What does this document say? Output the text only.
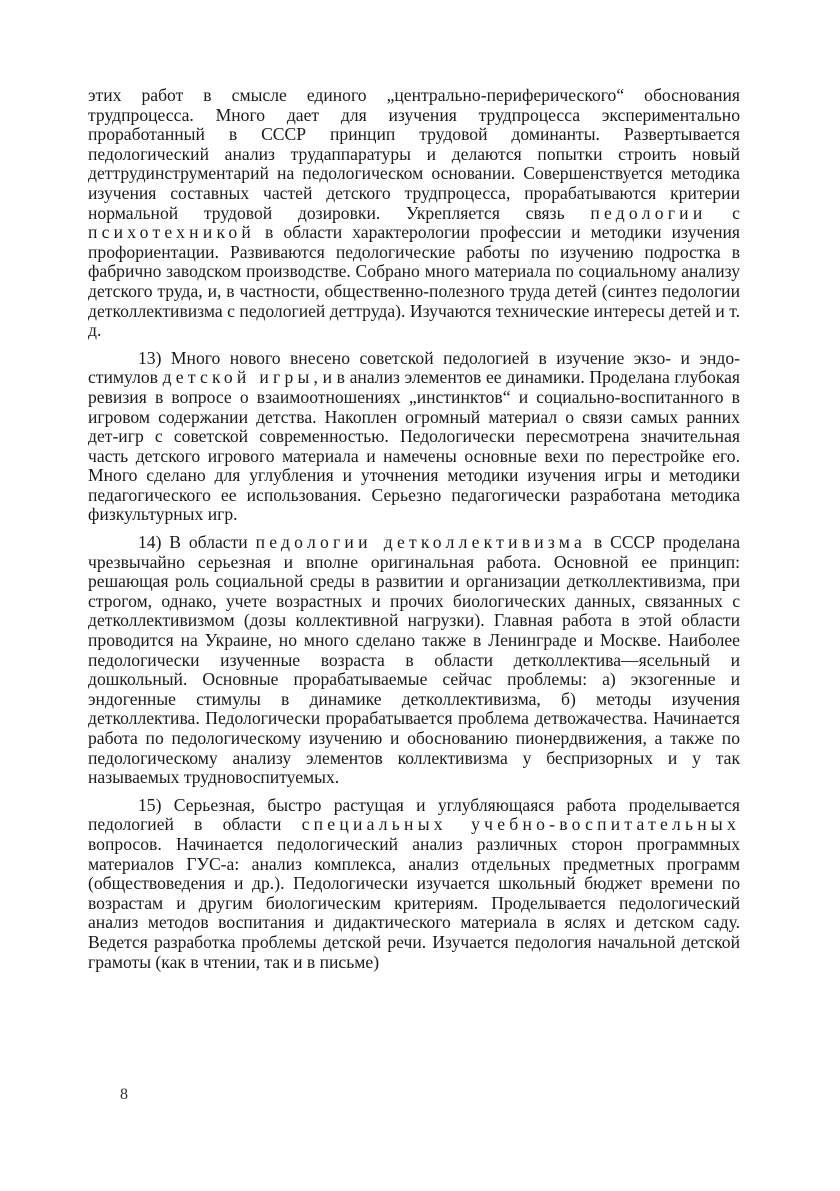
этих работ в смысле единого „центрально-периферического“ обоснования трудпроцесса. Много дает для изучения трудпроцесса экспериментально проработанный в СССР принцип трудовой доминанты. Развертывается педологический анализ трудаппаратуры и делаются попытки строить новый деттрудинструментарий на педологическом основании. Совершенствуется методика изучения составных частей детского трудпроцесса, прорабатываются критерии нормальной трудовой дозировки. Укрепляется связь педологии с психотехникой в области характерологии профессии и методики изучения профориентации. Развиваются педологические работы по изучению подростка в фабрично заводском производстве. Собрано много материала по социальному анализу детского труда, и, в частности, общественно-полезного труда детей (синтез педологии детколлективизма с педологией деттруда). Изучаются технические интересы детей и т. д.

13) Много нового внесено советской педологией в изучение экзо- и эндо-стимулов детской игры, и в анализ элементов ее динамики. Проделана глубокая ревизия в вопросе о взаимоотношениях „инстинктов“ и социально-воспитанного в игровом содержании детства. Накоплен огромный материал о связи самых ранних дет-игр с советской современностью. Педологически пересмотрена значительная часть детского игрового материала и намечены основные вехи по перестройке его. Много сделано для углубления и уточнения методики изучения игры и методики педагогического ее использования. Серьезно педагогически разработана методика физкультурных игр.

14) В области педологии детколлективизма в СССР проделана чрезвычайно серьезная и вполне оригинальная работа. Основной ее принцип: решающая роль социальной среды в развитии и организации детколлективизма, при строгом, однако, учете возрастных и прочих биологических данных, связанных с детколлективизмом (дозы коллективной нагрузки). Главная работа в этой области проводится на Украине, но много сделано также в Ленинграде и Москве. Наиболее педологически изученные возраста в области детколлектива—ясельный и дошкольный. Основные прорабатываемые сейчас проблемы: а) экзогенные и эндогенные стимулы в динамике детколлективизма, б) методы изучения детколлектива. Педологически прорабатывается проблема детвожачества. Начинается работа по педологическому изучению и обоснованию пионердвижения, а также по педологическому анализу элементов коллективизма у беспризорных и у так называемых трудновоспитуемых.

15) Серьезная, быстро растущая и углубляющаяся работа проделывается педологией в области специальных учебно-воспитательных вопросов. Начинается педологический анализ различных сторон программных материалов ГУС-а: анализ комплекса, анализ отдельных предметных программ (обществоведения и др.). Педологически изучается школьный бюджет времени по возрастам и другим биологическим критериям. Проделывается педологический анализ методов воспитания и дидактического материала в яслях и детском саду. Ведется разработка проблемы детской речи. Изучается педология начальной детской грамоты (как в чтении, так и в письме)

8
